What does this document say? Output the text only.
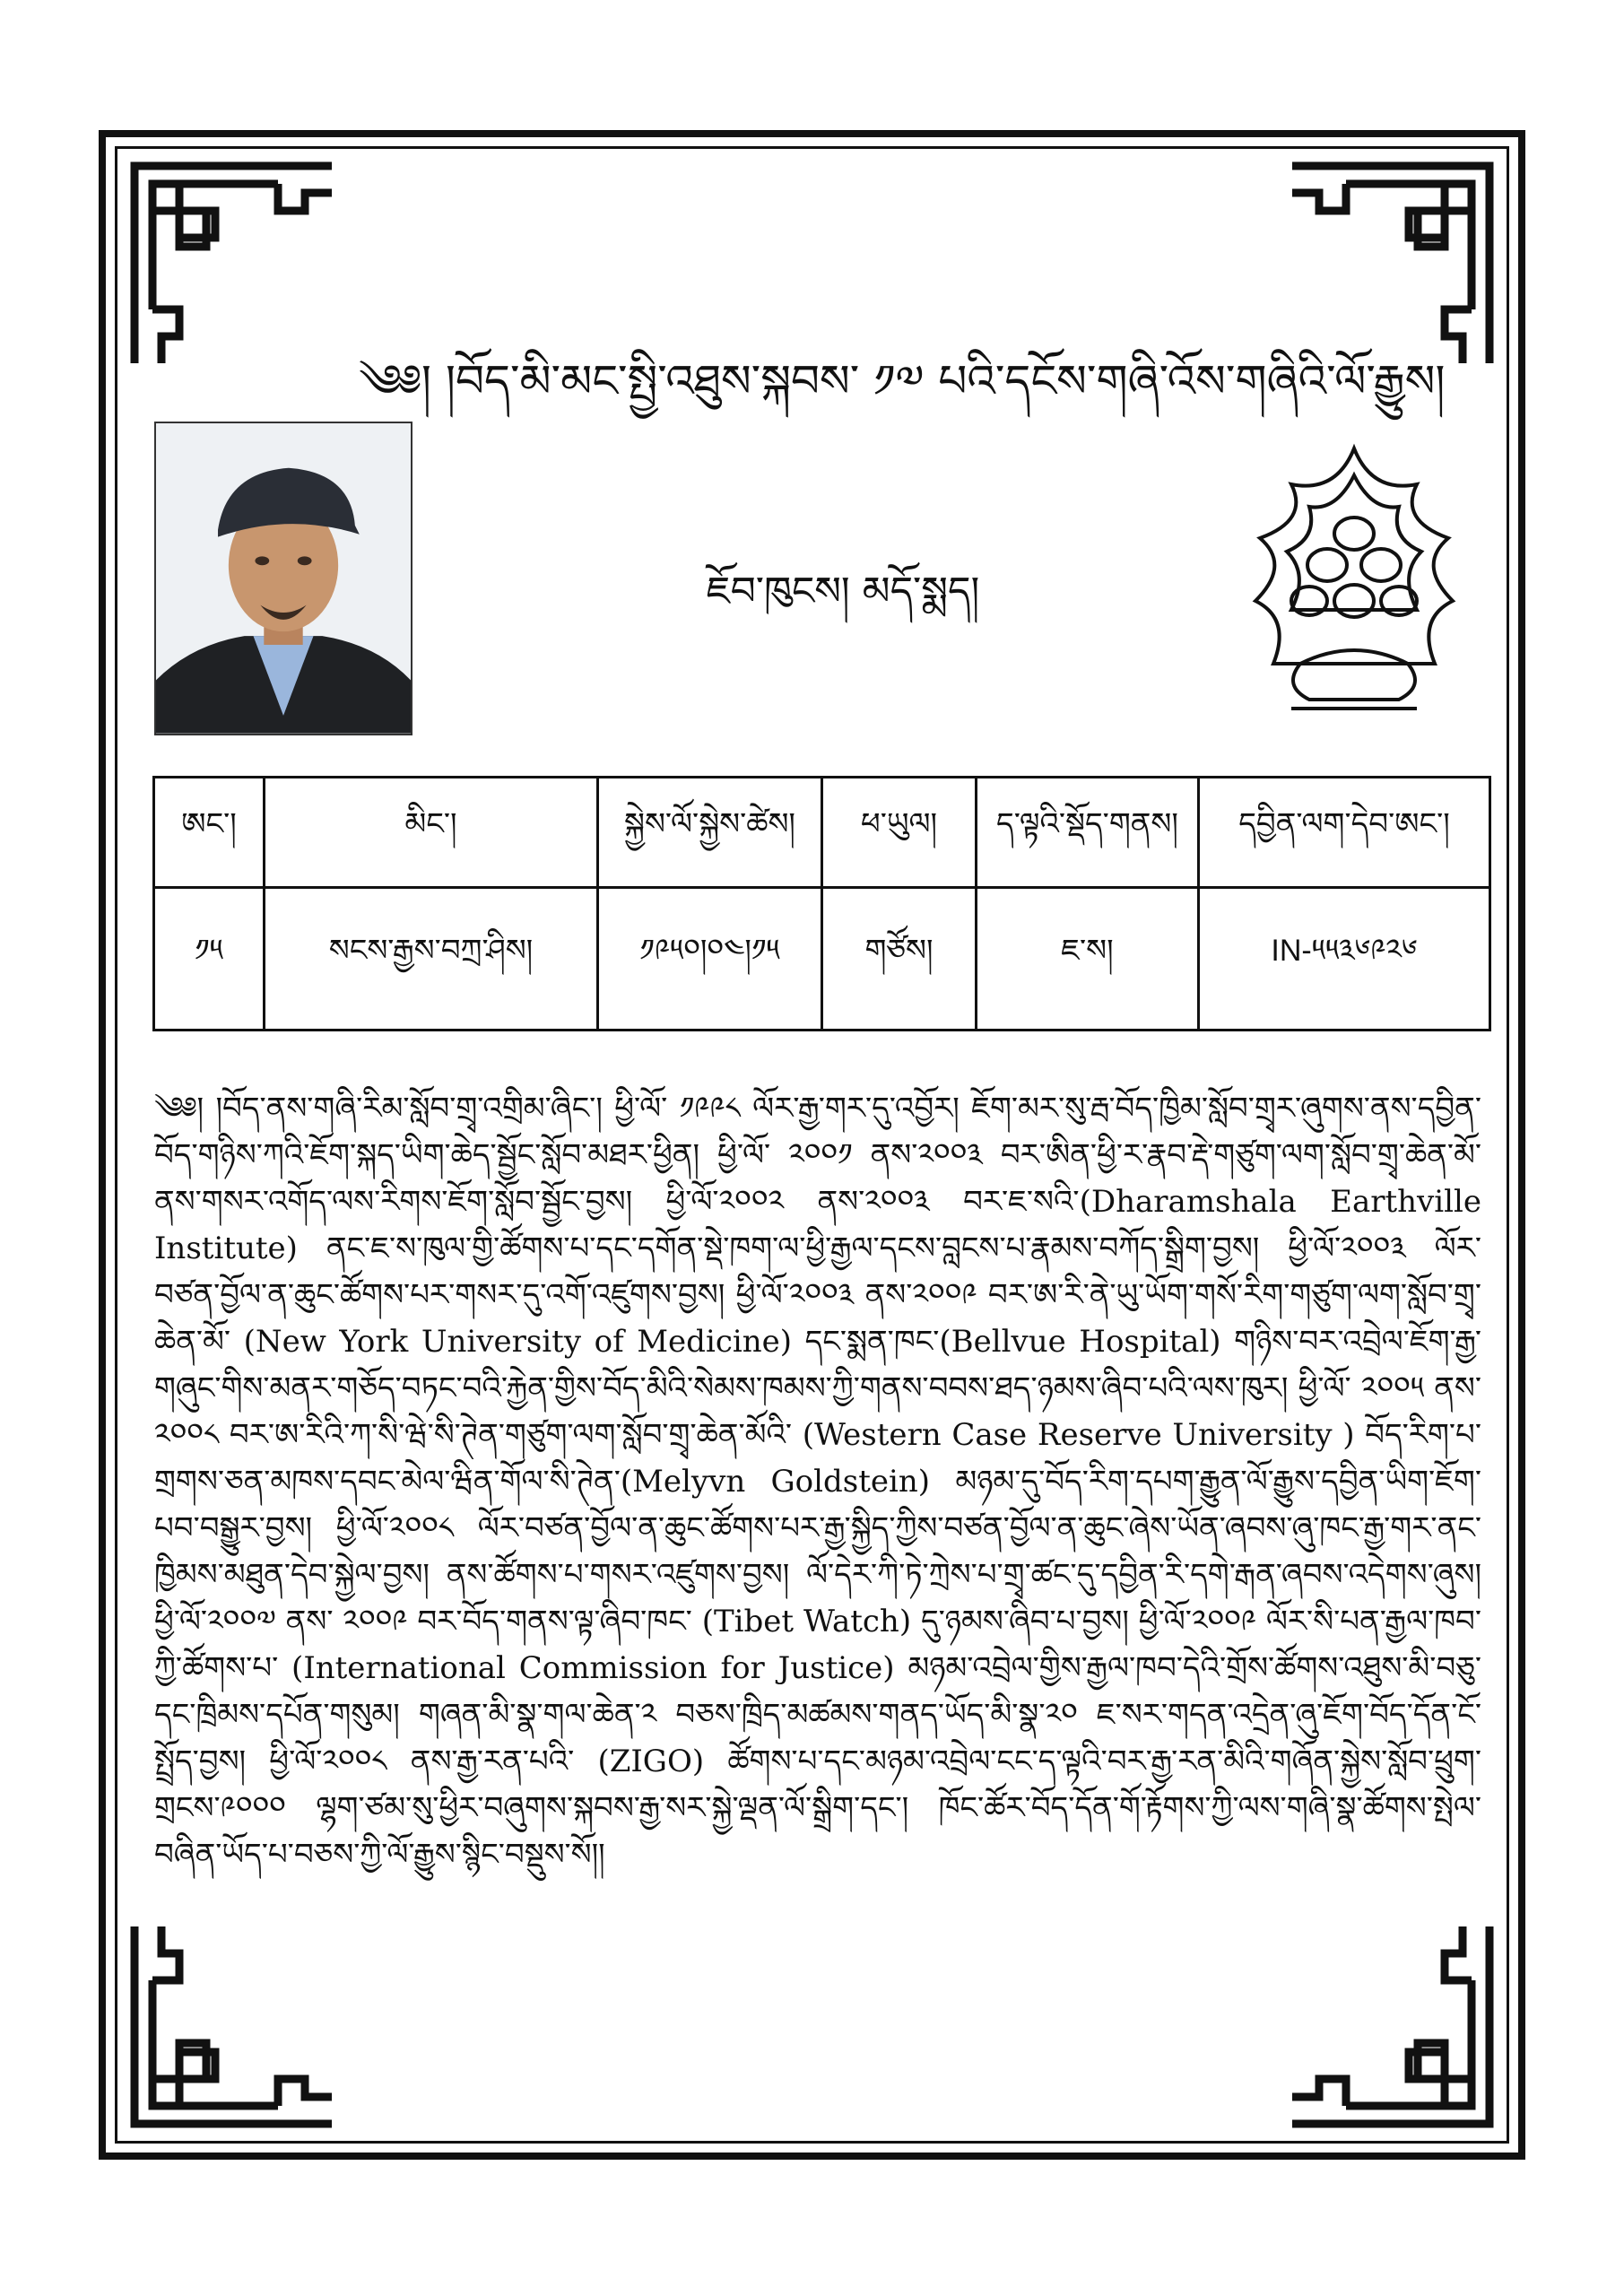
༄༅། །བོད་མི་མང་སྤྱི་འཐུས་སྐབས་ ༡༧ པའི་དངོས་གཞི་འོས་གཞིའི་ལོ་རྒྱུས།
ཇོབ་ཁུངས། མདོ་སྨད།
ཨང་།	མིང་།	སྐྱེས་ལོ་སྐྱེས་ཚེས།	ཕ་ཡུལ།	ད་ལྟའི་སྡོད་གནས།	དབྱིན་ལག་དེབ་ཨང་།
༡༥	སངས་རྒྱས་བཀྲ་ཤིས།	༡༩༥༠།༠༤།༡༥	གཙོས།	ཇ་ས།	IN-༥༥༣༦༩༢༦
༄༅། །བོད་ནས་གཞི་རིམ་སློབ་གྲྭ་འགྲིམ་ཞིང་། ཕྱི་ལོ་ ༡༩༩༨ ལོར་རྒྱ་གར་དུ་འབྱོར། ཇོག་མར་སུ་རྦ་བོད་ཁྱིམ་སློབ་གྲྭར་ཞུགས་ནས་དབྱིན་བོད་གཉིས་ཀའི་ཇོག་སྐད་ཡིག་ཆེད་སྦྱོང་སློབ་མཐར་ཕྱིན། ཕྱི་ལོ་ ༢༠༠༡ ནས་༢༠༠༣ བར་ཨིན་ཕྱི་ར་རྣབ་རྡེ་གཙུག་ལག་སློབ་གྲྭ་ཆེན་མོ་ནས་གསར་འགོད་ལས་རིགས་ཇོག་སློབ་སྦྱོང་བྱས། ཕྱི་ལོ་༢༠༠༢ ནས་༢༠༠༣ བར་ཇ་སའི་(Dharamshala Earthville Institute) ནང་ཇ་ས་ཁུལ་གྱི་ཚོགས་པ་དང་དགོན་སྡེ་ཁག་ལ་ཕྱི་རྒྱལ་དངས་བླངས་པ་རྣམས་བཀོད་སྒྲིག་བྱས། ཕྱི་ལོ་༢༠༠༣ ལོར་བཙན་བྱོལ་ན་ཆུང་ཚོགས་པར་གསར་དུ་འགོ་འཛུགས་བྱས། ཕྱི་ལོ་༢༠༠༣ ནས་༢༠༠༩ བར་ཨ་རི་ནེ་ཡུ་ཡོག་གསོ་རིག་གཙུག་ལག་སློབ་གྲྭ་ཆེན་མོ་ (New York University of Medicine) དང་སྨན་ཁང་(Bellvue Hospital) གཉིས་བར་འབྲེལ་ཇོག་རྒྱ་གཞུང་གིས་མནར་གཅོད་བཏང་བའི་རྐྱེན་གྱིས་བོད་མིའི་སེམས་ཁམས་ཀྱི་གནས་བབས་ཐད་ཉམས་ཞིབ་པའི་ལས་ཁུར། ཕྱི་ལོ་ ༢༠༠༥ ནས་༢༠༠༨ བར་ཨ་རིའི་ཀ་སི་ཝེ་སི་ཊེན་གཙུག་ལག་སློབ་གྲྭ་ཆེན་མོའི་ (Western Case Reserve University ) བོད་རིག་པ་གྲགས་ཅན་མཁས་དབང་མེལ་ཝིན་གོལ་སི་ཊེན་(Melyvn Goldstein) མཉམ་དུ་བོད་རིག་དཔག་རྒྱུན་ལོ་རྒྱུས་དབྱིན་ཡིག་ཇོག་པབ་བསྒྱུར་བྱས། ཕྱི་ལོ་༢༠༠༨ ལོར་བཙན་བྱོལ་ན་ཆུང་ཚོགས་པར་རྒྱ་སྐྱིད་ཀྱིས་བཙན་བྱོལ་ན་ཆུང་ཞེས་ཡོན་ཞབས་ཞུ་ཁང་རྒྱ་གར་ནང་ཁྱིམས་མཐུན་དེབ་སྐྱེལ་བྱས། ནས་ཚོགས་པ་གསར་འཛུགས་བྱས། ལོ་དེར་ཀི་ཏེ་ཀྲེས་པ་གྲྭ་ཚང་དུ་དབྱིན་རི་དགེ་རྒན་ཞབས་འདེགས་ཞུས། ཕྱི་ལོ་༢༠༠༧ ནས་ ༢༠༠༩ བར་བོད་གནས་ལྟ་ཞིབ་ཁང་ (Tibet Watch) དུ་ཉམས་ཞིབ་པ་བྱས། ཕྱི་ལོ་༢༠༠༩ ལོར་སི་པན་རྒྱལ་ཁབ་ཀྱི་ཚོགས་པ་ (International Commission for Justice) མཉམ་འབྲེལ་གྱིས་རྒྱལ་ཁབ་དེའི་གྲོས་ཚོགས་འཐུས་མི་བཅུ་དང་ཁྲིམས་དཔོན་གསུམ། གཞན་མི་སྣ་གལ་ཆེན་༢ བཅས་ཁྲིད་མཚམས་གནད་ཡོད་མི་སྣ་༢༠ ཇ་སར་གདན་འདྲེན་ཞུ་ཇོག་བོད་དོན་ངོ་སྤྲོད་བྱས། ཕྱི་ལོ་༢༠༠༨ ནས་རྒྱ་རན་པའི་ (ZIGO) ཚོགས་པ་དང་མཉམ་འབྲེལ་ངང་ད་ལྟའི་བར་རྒྱ་རན་མིའི་གཞོན་སྐྱེས་སློབ་ཕྲུག་གྲངས་༩༠༠༠ ལྷག་ཙམ་སུ་ཕྱིར་བཞུགས་སྐབས་རྒྱ་སར་སྐྱེ་ལྡན་ལོ་སྒྲིག་དང་། ཁོང་ཚོར་བོད་དོན་གོ་རྟོགས་ཀྱི་ལས་གཞི་སྣ་ཚོགས་སྤེལ་བཞིན་ཡོད་པ་བཅས་ཀྱི་ལོ་རྒྱུས་སྙིང་བསྡུས་སོ།།
